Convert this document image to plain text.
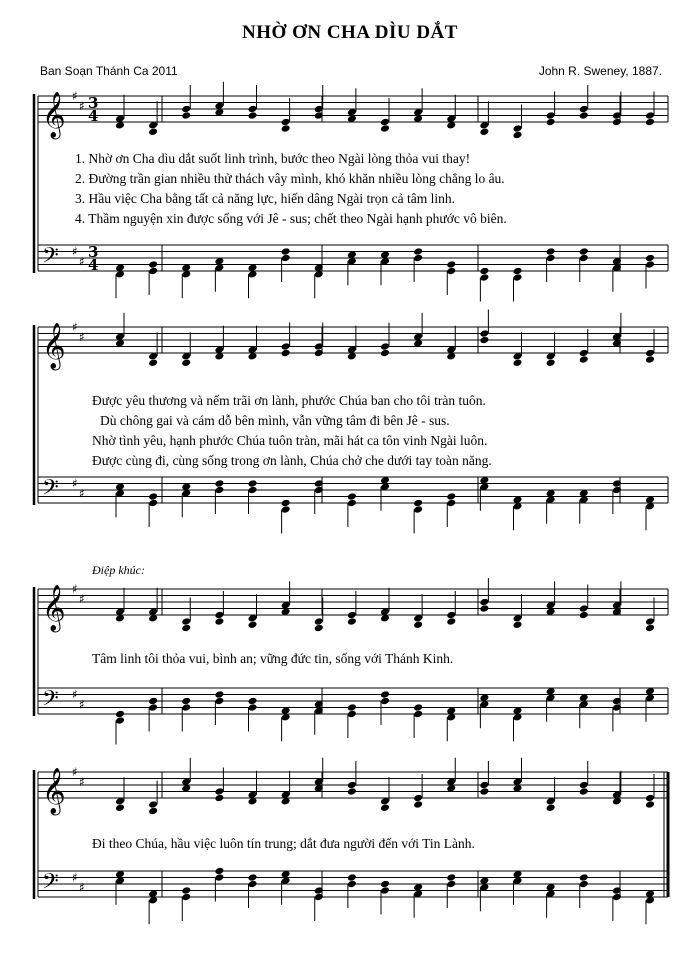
NHỜ ƠN CHA DÌU DẮT
Ban Soạn Thánh Ca 2011	John R. Sweney, 1887.
𝄞
𝄢
♯
♯
♯
♯
3
4
3
4
𝄞
𝄢
♯
♯
♯
♯
𝄞
𝄢
♯
♯
♯
♯
𝄞
𝄢
♯
♯
♯
♯
1. Nhờ ơn Cha dìu dắt suốt linh trình, bước theo Ngài lòng thỏa vui thay!
2. Đường trần gian nhiều thử thách vây mình, khó khăn nhiều lòng chẳng lo âu.
3. Hầu việc Cha bằng tất cả năng lực, hiến dâng Ngài trọn cả tâm linh.
4. Thầm nguyện xin được sống với Jê - sus; chết theo Ngài hạnh phước vô biên.
Được yêu thương và nếm trãi ơn lành, phước Chúa ban cho tôi tràn tuôn.
Dù chông gai và cám dỗ bên mình, vẫn vững tâm đi bên Jê - sus.
Nhờ tình yêu, hạnh phước Chúa tuôn tràn, mãi hát ca tôn vinh Ngài luôn.
Được cùng đi, cùng sống trong ơn lành, Chúa chở che dưới tay toàn năng.
Điệp khúc:
Tâm linh tôi thỏa vui, bình an; vững đức tin, sống với Thánh Kinh.
Đi theo Chúa, hầu việc luôn tín trung; dắt đưa người đến với Tin Lành.
